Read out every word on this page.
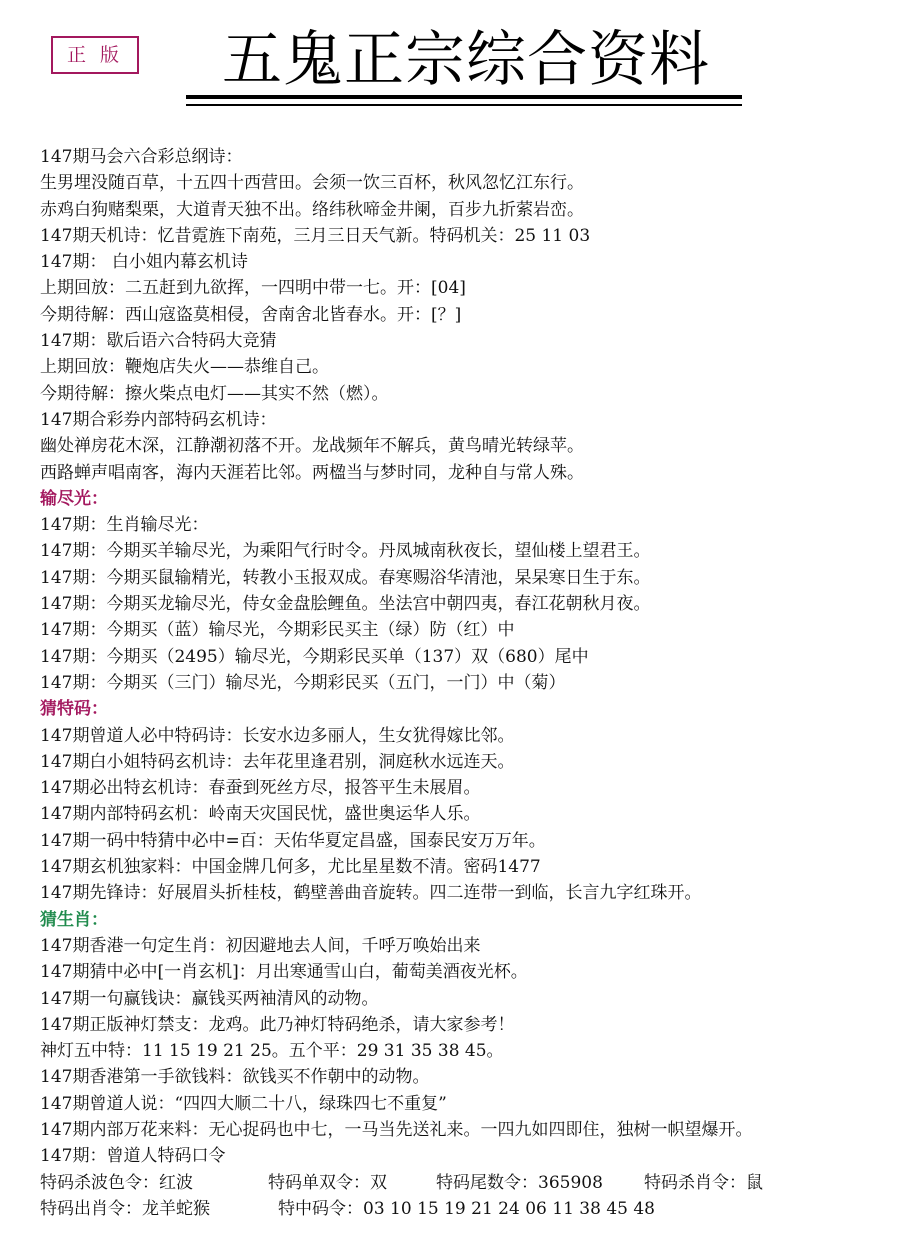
正 版	五鬼正宗综合资料
147期马会六合彩总纲诗：
生男埋没随百草，十五四十西营田。会须一饮三百杯，秋风忽忆江东行。
赤鸡白狗赌梨栗，大道青天独不出。络纬秋啼金井阑，百步九折萦岩峦。
147期天机诗：忆昔霓旌下南苑，三月三日天气新。特码机关：25 11 03
147期： 白小姐内幕玄机诗
上期回放：二五赶到九欲挥，一四明中带一七。开：[04]
今期待解：西山寇盗莫相侵，舍南舍北皆春水。开：[？]
147期：歇后语六合特码大竞猜
上期回放：鞭炮店失火——恭维自己。
今期待解：擦火柴点电灯——其实不然（燃）。
147期合彩券内部特码玄机诗：
幽处禅房花木深，江静潮初落不开。龙战频年不解兵，黄鸟晴光转绿苹。
西路蝉声唱南客，海内天涯若比邻。两楹当与梦时同，龙种自与常人殊。
输尽光：
147期：生肖输尽光：
147期：今期买羊输尽光，为乘阳气行时令。丹凤城南秋夜长，望仙楼上望君王。
147期：今期买鼠输精光，转教小玉报双成。春寒赐浴华清池，杲杲寒日生于东。
147期：今期买龙输尽光，侍女金盘脍鲤鱼。坐法宫中朝四夷，春江花朝秋月夜。
147期：今期买（蓝）输尽光，今期彩民买主（绿）防（红）中
147期：今期买（2495）输尽光，今期彩民买单（137）双（680）尾中
147期：今期买（三门）输尽光，今期彩民买（五门，一门）中（菊）
猜特码：
147期曾道人必中特码诗：长安水边多丽人，生女犹得嫁比邻。
147期白小姐特码玄机诗：去年花里逢君别，洞庭秋水远连天。
147期必出特玄机诗：春蚕到死丝方尽，报答平生未展眉。
147期内部特码玄机：岭南天灾国民忧，盛世奥运华人乐。
147期一码中特猜中必中=百：天佑华夏定昌盛，国泰民安万万年。
147期玄机独家料：中国金牌几何多，尤比星星数不清。密码1477
147期先锋诗：好展眉头折桂枝，鹤壁善曲音旋转。四二连带一到临，长言九字红珠开。
猜生肖：
147期香港一句定生肖：初因避地去人间，千呼万唤始出来
147期猜中必中[一肖玄机]：月出寒通雪山白，葡萄美酒夜光杯。
147期一句赢钱诀：赢钱买两袖清风的动物。
147期正版神灯禁支：龙鸡。此乃神灯特码绝杀，请大家参考！
神灯五中特：11 15 19 21 25。五个平：29 31 35 38 45。
147期香港第一手欲钱料：欲钱买不作朝中的动物。
147期曾道人说：“四四大顺二十八，绿珠四七不重复”
147期内部万花来料：无心捉码也中七，一马当先送礼来。一四九如四即住，独树一帜望爆开。
147期：曾道人特码口令
特码杀波色令：红波	特码单双令：双	特码尾数令：365908 特码杀肖令：鼠
特码出肖令：龙羊蛇猴	特中码令：03 10 15 19 21 24 06 11 38 45 48
